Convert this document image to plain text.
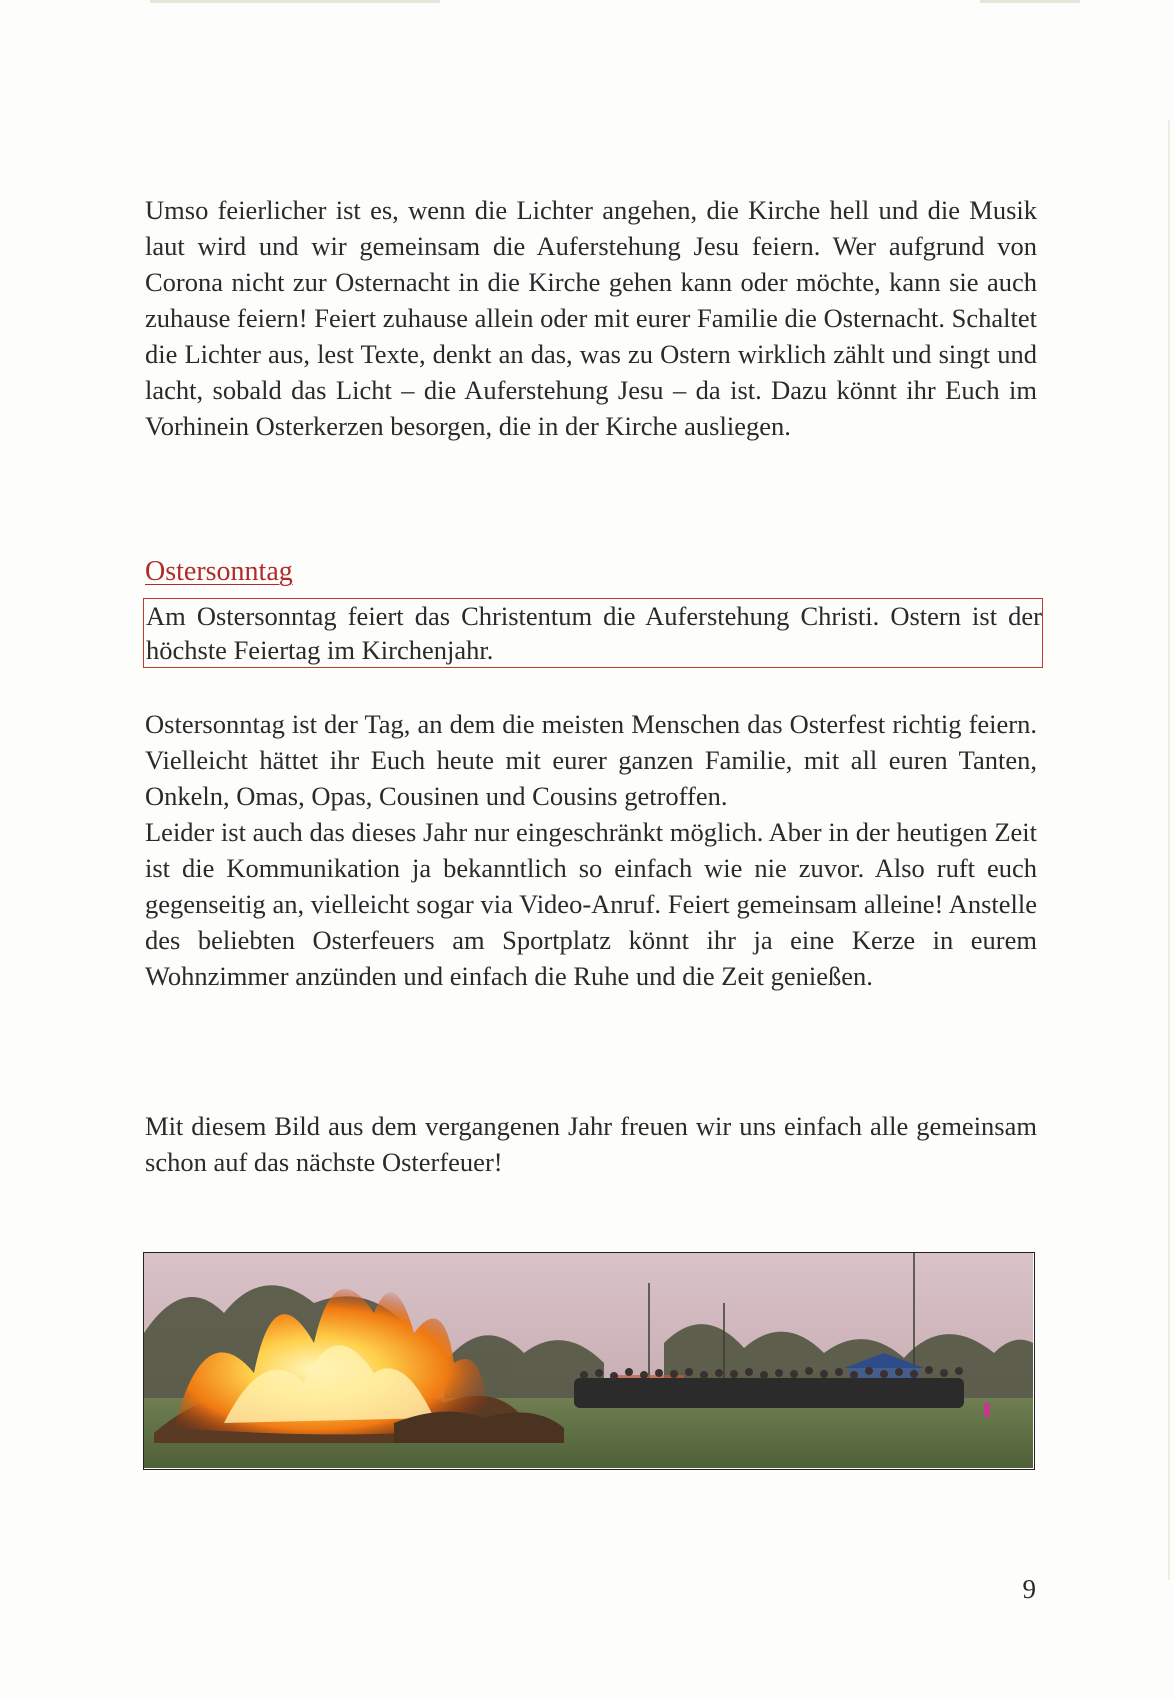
Umso feierlicher ist es, wenn die Lichter angehen, die Kirche hell und die Musik laut wird und wir gemeinsam die Auferstehung Jesu feiern. Wer aufgrund von Corona nicht zur Osternacht in die Kirche gehen kann oder möchte, kann sie auch zuhause feiern! Feiert zuhause allein oder mit eurer Familie die Osternacht. Schaltet die Lichter aus, lest Texte, denkt an das, was zu Ostern wirklich zählt und singt und lacht, sobald das Licht – die Auferstehung Jesu – da ist. Dazu könnt ihr Euch im Vorhinein Osterkerzen besorgen, die in der Kirche ausliegen.

Ostersonntag
Am Ostersonntag feiert das Christentum die Auferstehung Christi. Ostern ist der höchste Feiertag im Kirchenjahr.

Ostersonntag ist der Tag, an dem die meisten Menschen das Osterfest richtig feiern. Vielleicht hättet ihr Euch heute mit eurer ganzen Familie, mit all euren Tanten, Onkeln, Omas, Opas, Cousinen und Cousins getroffen.

Leider ist auch das dieses Jahr nur eingeschränkt möglich. Aber in der heutigen Zeit ist die Kommunikation ja bekanntlich so einfach wie nie zuvor. Also ruft euch gegenseitig an, vielleicht sogar via Video-Anruf. Feiert gemeinsam alleine! Anstelle des beliebten Osterfeuers am Sportplatz könnt ihr ja eine Kerze in eurem Wohnzimmer anzünden und einfach die Ruhe und die Zeit genießen.

Mit diesem Bild aus dem vergangenen Jahr freuen wir uns einfach alle gemeinsam schon auf das nächste Osterfeuer!

9
